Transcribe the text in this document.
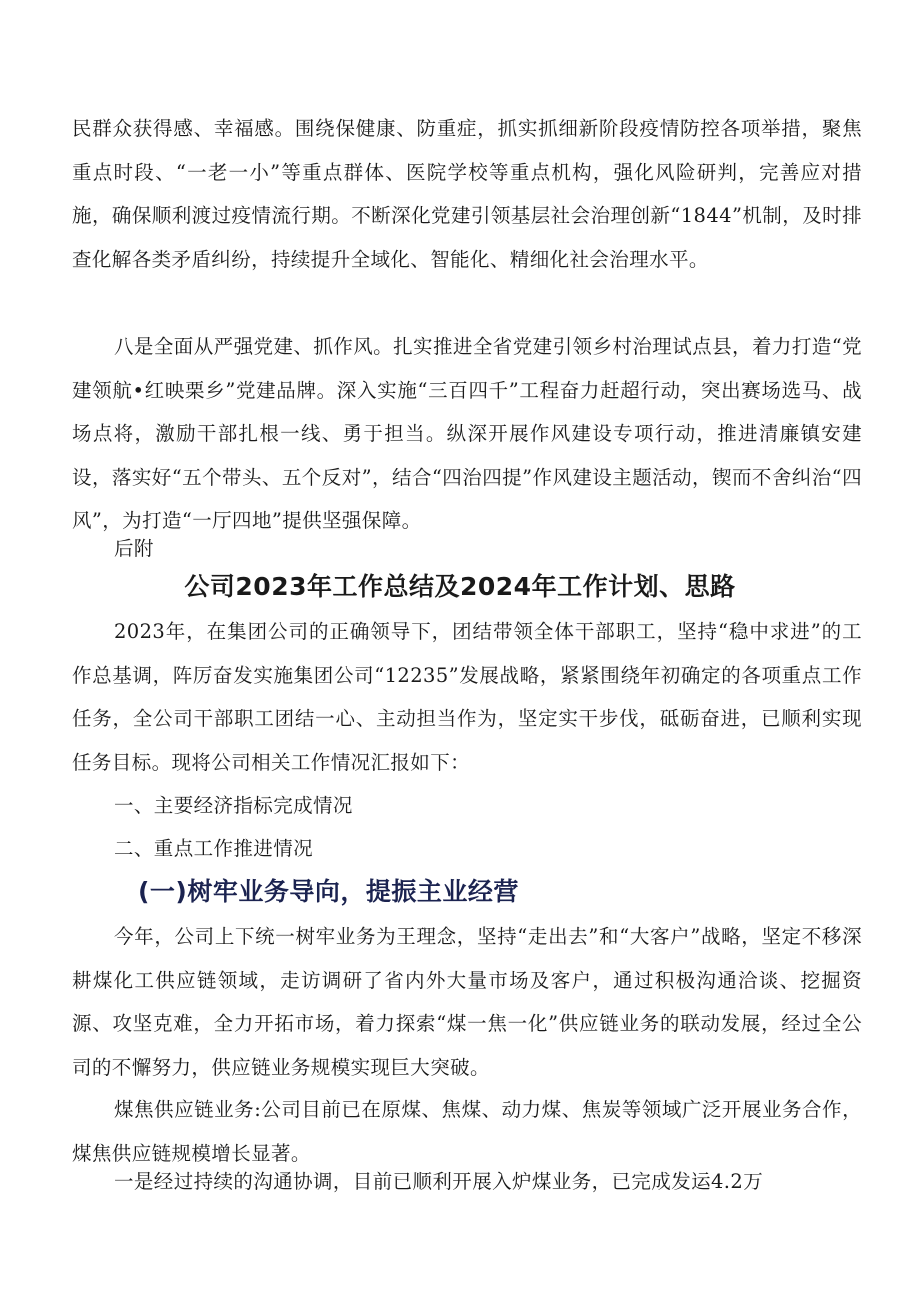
民群众获得感、幸福感。围绕保健康、防重症，抓实抓细新阶段疫情防控各项举措，聚焦重点时段、“一老一小”等重点群体、医院学校等重点机构，强化风险研判，完善应对措施，确保顺利渡过疫情流行期。不断深化党建引领基层社会治理创新“1844”机制，及时排查化解各类矛盾纠纷，持续提升全域化、智能化、精细化社会治理水平。

八是全面从严强党建、抓作风。扎实推进全省党建引领乡村治理试点县，着力打造“党建领航•红映栗乡”党建品牌。深入实施“三百四千”工程奋力赶超行动，突出赛场选马、战场点将，激励干部扎根一线、勇于担当。纵深开展作风建设专项行动，推进清廉镇安建设，落实好“五个带头、五个反对”，结合“四治四提”作风建设主题活动，锲而不舍纠治“四风”，为打造“一厅四地”提供坚强保障。

后附

公司2023年工作总结及2024年工作计划、思路

2023年，在集团公司的正确领导下，团结带领全体干部职工，坚持“稳中求进”的工作总基调，阵厉奋发实施集团公司“12235”发展战略，紧紧围绕年初确定的各项重点工作任务，全公司干部职工团结一心、主动担当作为，坚定实干步伐，砥砺奋进，已顺利实现任务目标。现将公司相关工作情况汇报如下：

一、主要经济指标完成情况

二、重点工作推进情况

(一)树牢业务导向，提振主业经营

今年，公司上下统一树牢业务为王理念，坚持“走出去”和“大客户”战略，坚定不移深耕煤化工供应链领域，走访调研了省内外大量市场及客户，通过积极沟通洽谈、挖掘资源、攻坚克难，全力开拓市场，着力探索“煤一焦一化”供应链业务的联动发展，经过全公司的不懈努力，供应链业务规模实现巨大突破。

煤焦供应链业务:公司目前已在原煤、焦煤、动力煤、焦炭等领域广泛开展业务合作，煤焦供应链规模增长显著。

一是经过持续的沟通协调，目前已顺利开展入炉煤业务，已完成发运4.2万
